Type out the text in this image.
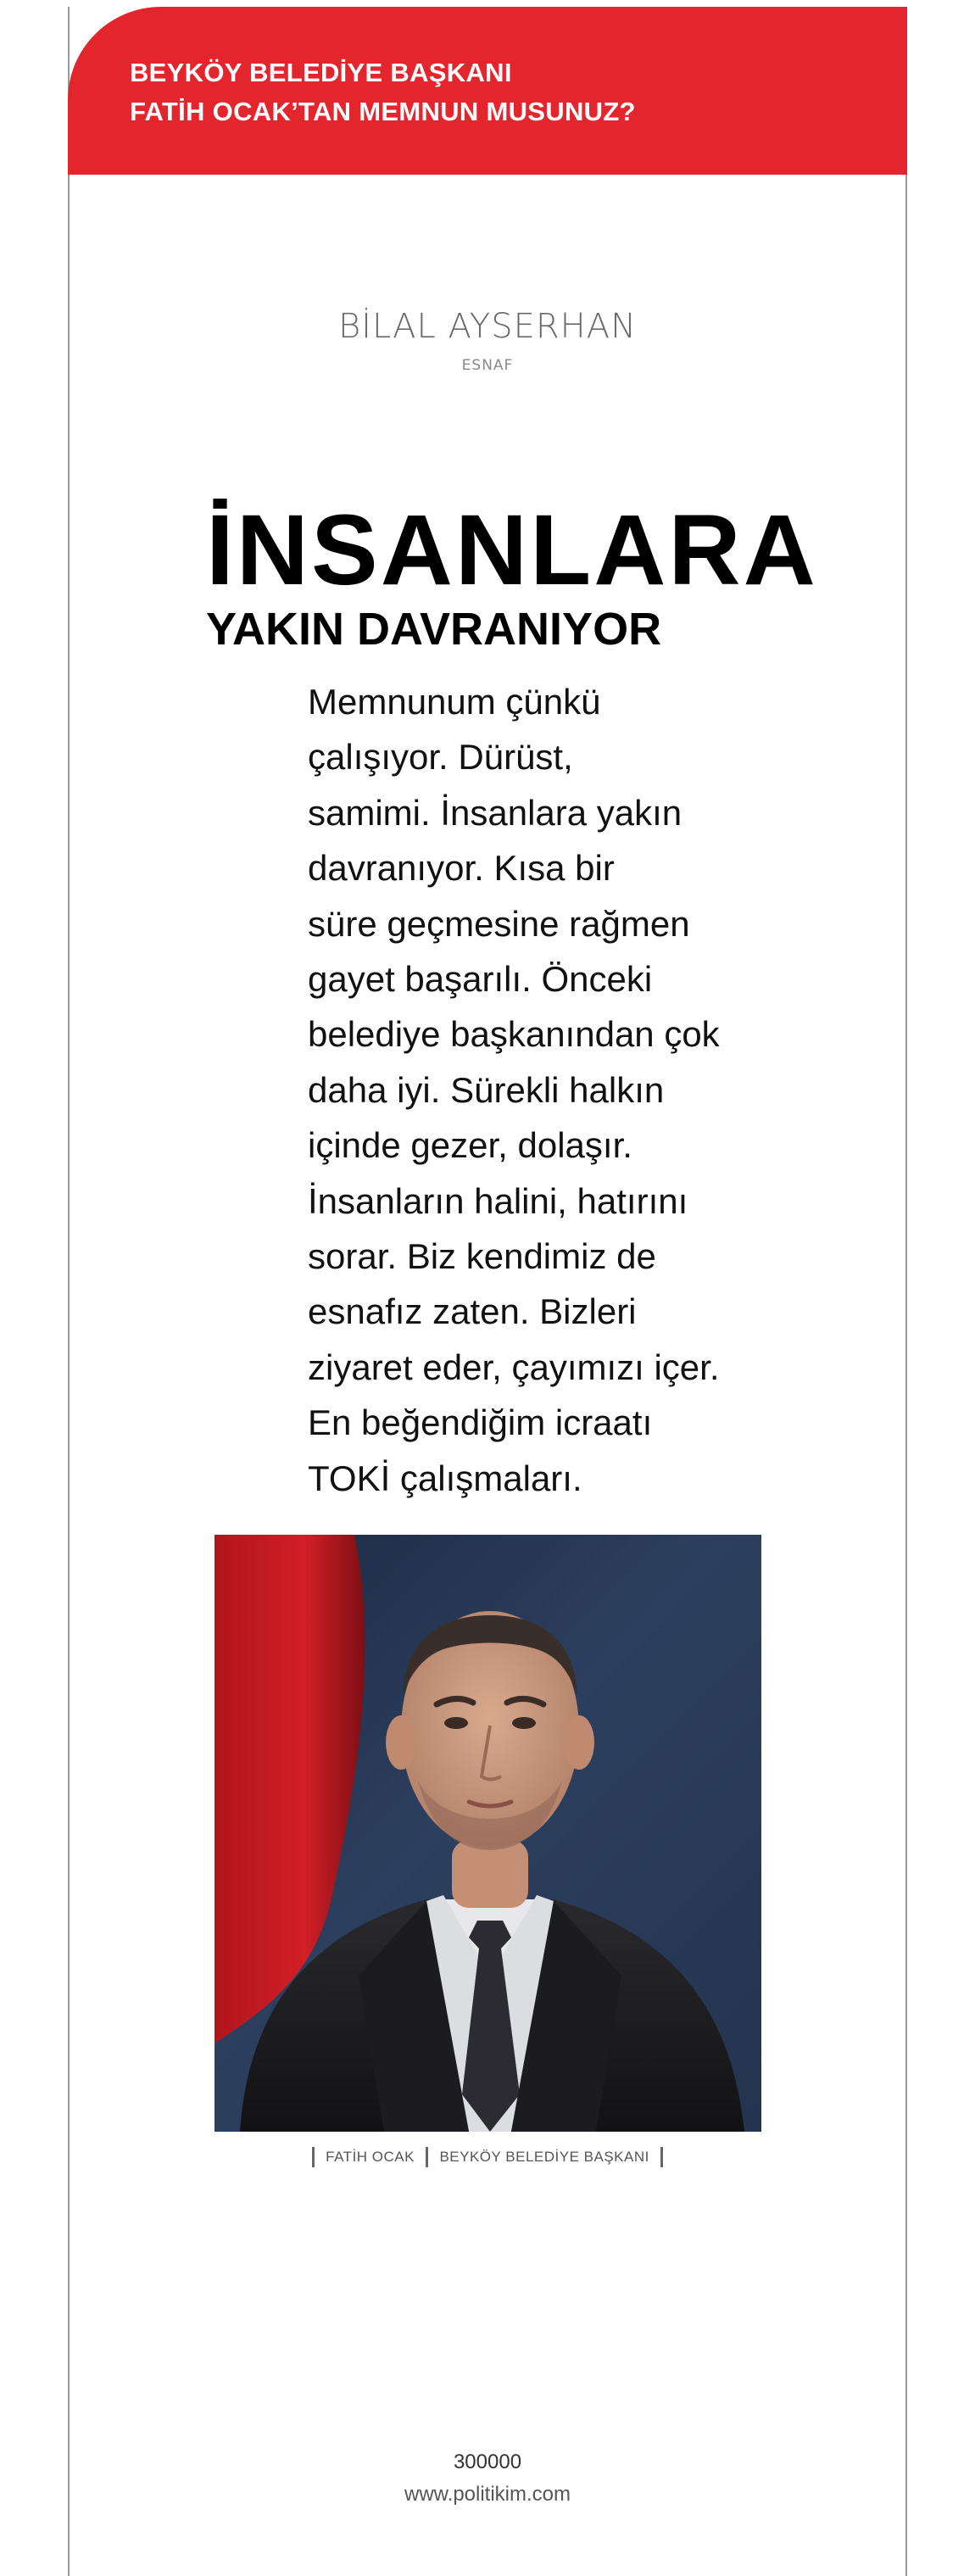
BEYKÖY BELEDİYE BAŞKANI
FATİH OCAK’TAN MEMNUN MUSUNUZ?
BİLAL AYSERHAN
ESNAF
İNSANLARA
YAKIN DAVRANIYOR
Memnunum çünkü
çalışıyor. Dürüst,
samimi. İnsanlara yakın
davranıyor. Kısa bir
süre geçmesine rağmen
gayet başarılı. Önceki
belediye başkanından çok
daha iyi. Sürekli halkın
içinde gezer, dolaşır.
İnsanların halini, hatırını
sorar. Biz kendimiz de
esnafız zaten. Bizleri
ziyaret eder, çayımızı içer.
En beğendiğim icraatı
TOKİ çalışmaları.
FATİH OCAK BEYKÖY BELEDİYE BAŞKANI
300000
www.politikim.com
